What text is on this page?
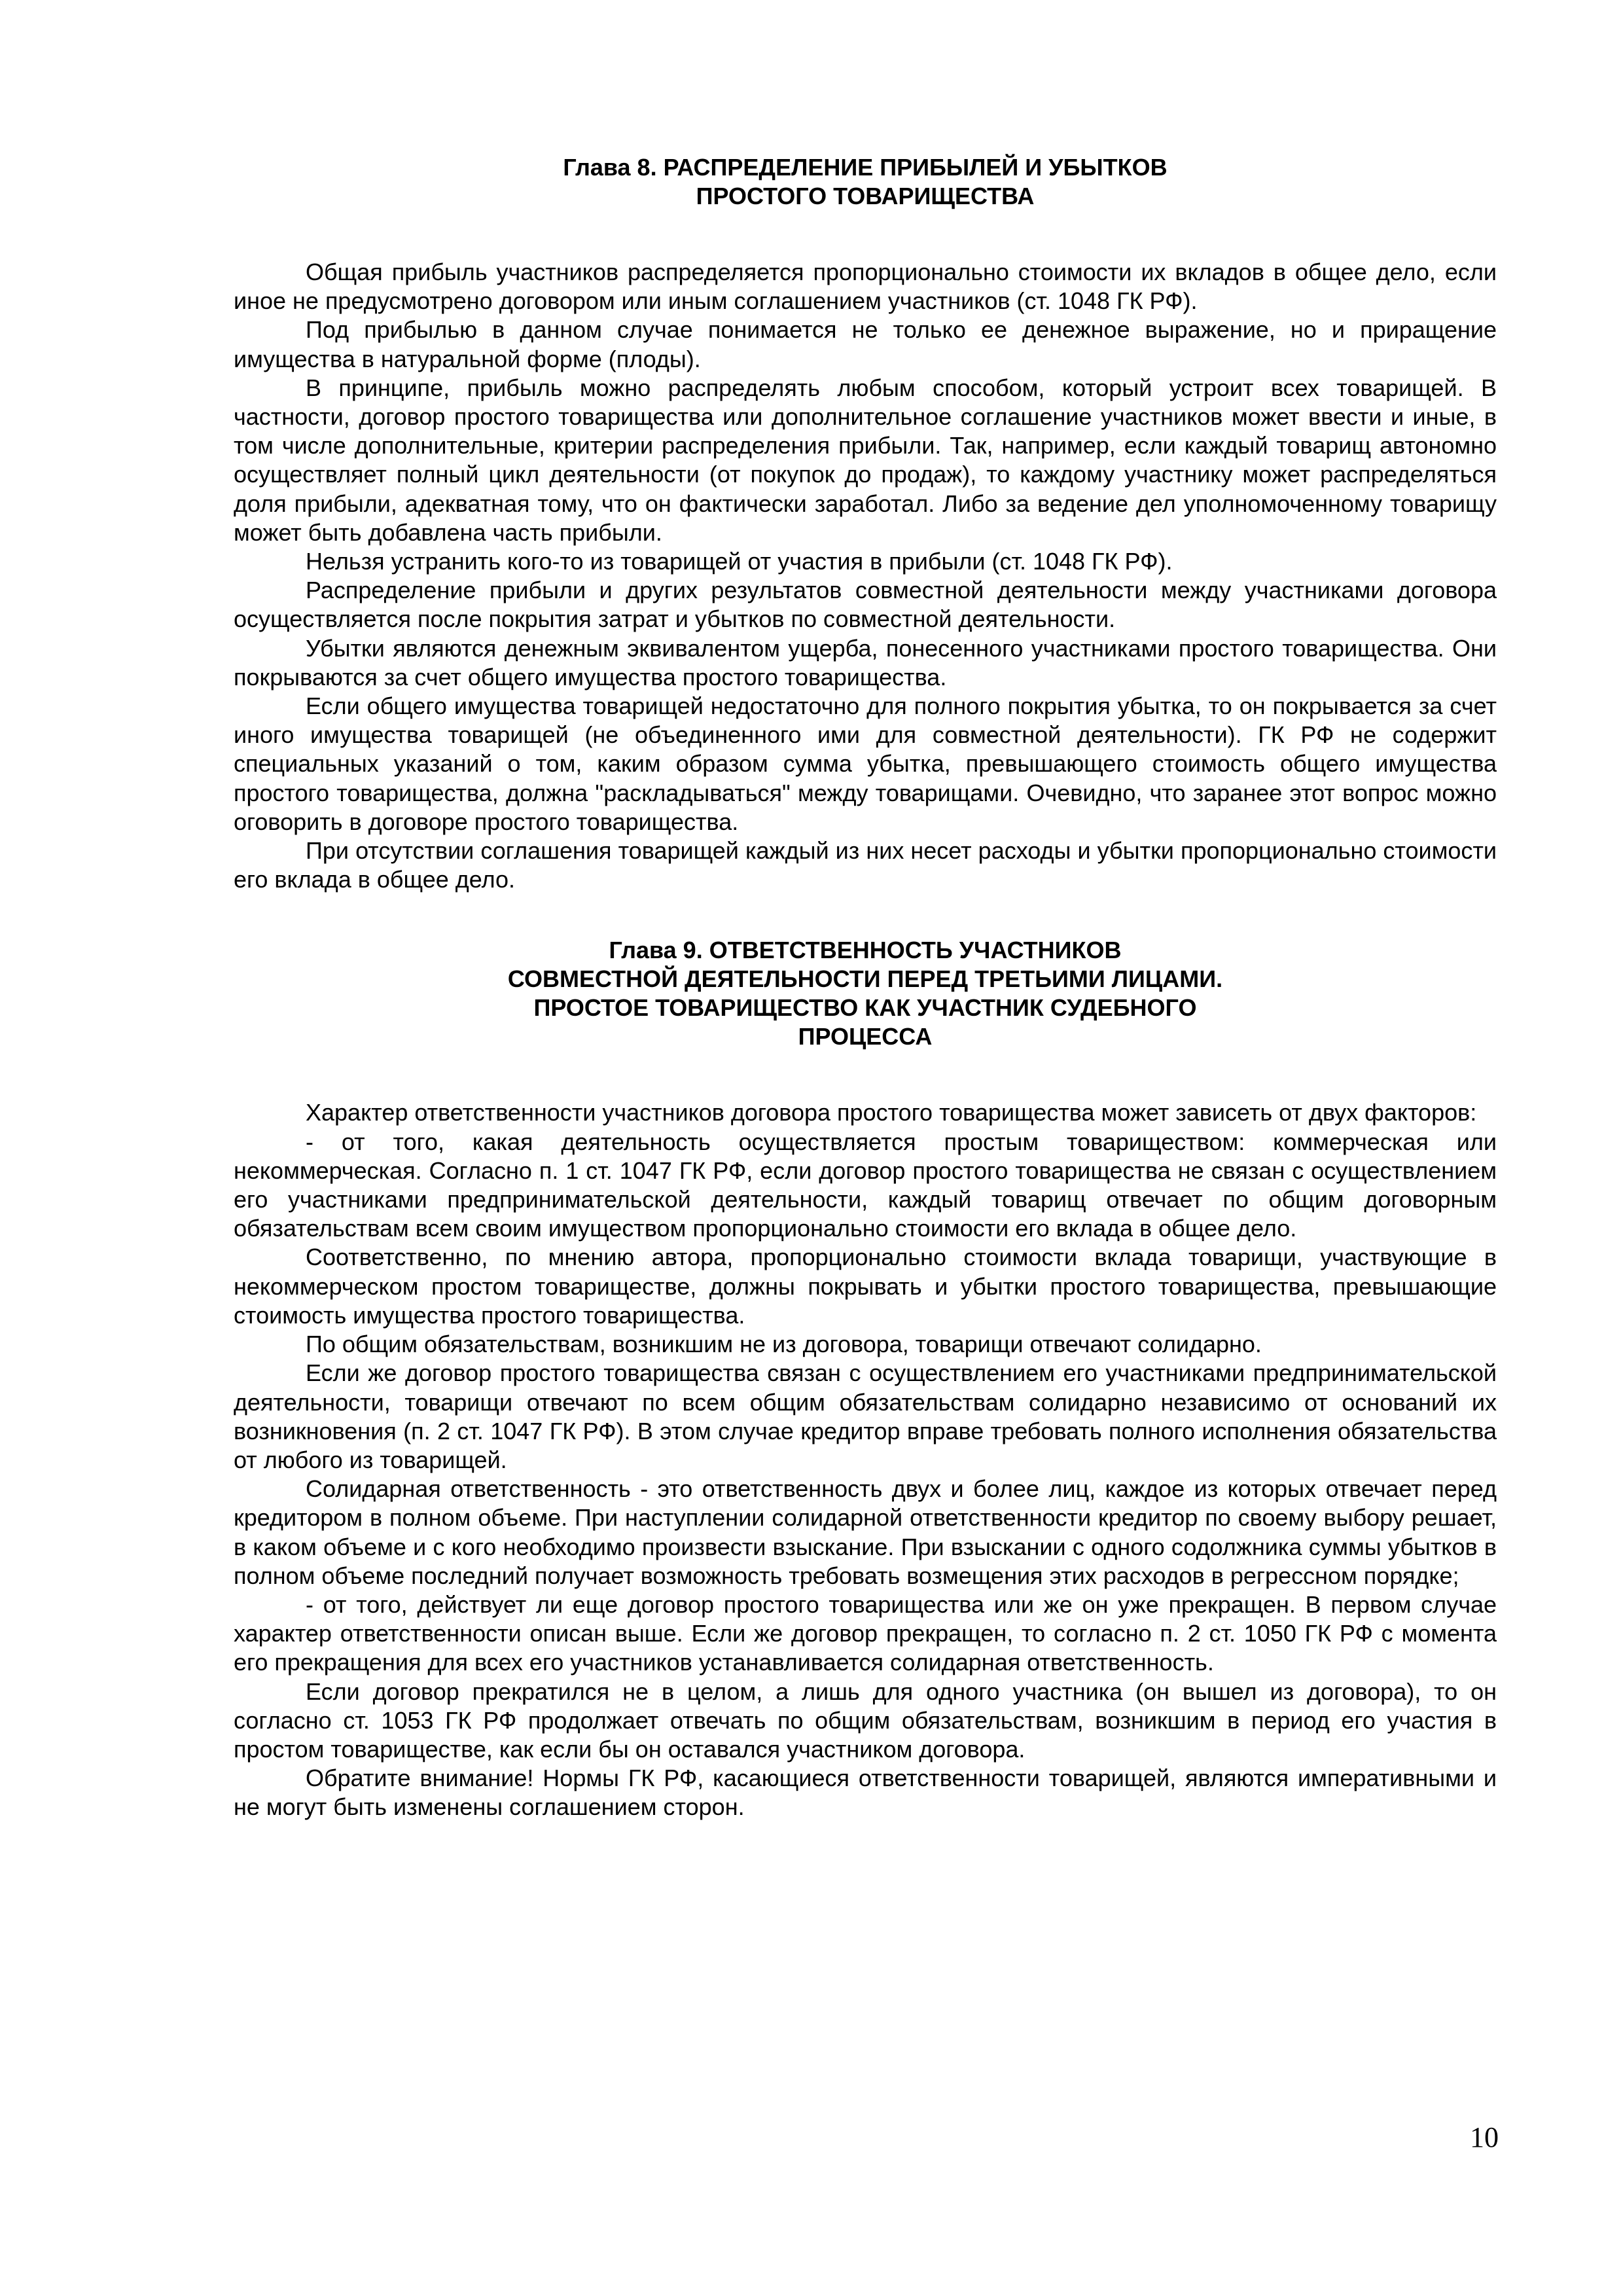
Глава 8. РАСПРЕДЕЛЕНИЕ ПРИБЫЛЕЙ И УБЫТКОВ
ПРОСТОГО ТОВАРИЩЕСТВА

Общая прибыль участников распределяется пропорционально стоимости их вкладов в общее дело, если иное не предусмотрено договором или иным соглашением участников (ст. 1048 ГК РФ).

Под прибылью в данном случае понимается не только ее денежное выражение, но и приращение имущества в натуральной форме (плоды).

В принципе, прибыль можно распределять любым способом, который устроит всех товарищей. В частности, договор простого товарищества или дополнительное соглашение участников может ввести и иные, в том числе дополнительные, критерии распределения прибыли. Так, например, если каждый товарищ автономно осуществляет полный цикл деятельности (от покупок до продаж), то каждому участнику может распределяться доля прибыли, адекватная тому, что он фактически заработал. Либо за ведение дел уполномоченному товарищу может быть добавлена часть прибыли.

Нельзя устранить кого-то из товарищей от участия в прибыли (ст. 1048 ГК РФ).

Распределение прибыли и других результатов совместной деятельности между участниками договора осуществляется после покрытия затрат и убытков по совместной деятельности.

Убытки являются денежным эквивалентом ущерба, понесенного участниками простого товарищества. Они покрываются за счет общего имущества простого товарищества.

Если общего имущества товарищей недостаточно для полного покрытия убытка, то он покрывается за счет иного имущества товарищей (не объединенного ими для совместной деятельности). ГК РФ не содержит специальных указаний о том, каким образом сумма убытка, превышающего стоимость общего имущества простого товарищества, должна "раскладываться" между товарищами. Очевидно, что заранее этот вопрос можно оговорить в договоре простого товарищества.

При отсутствии соглашения товарищей каждый из них несет расходы и убытки пропорционально стоимости его вклада в общее дело.

Глава 9. ОТВЕТСТВЕННОСТЬ УЧАСТНИКОВ
СОВМЕСТНОЙ ДЕЯТЕЛЬНОСТИ ПЕРЕД ТРЕТЬИМИ ЛИЦАМИ.
ПРОСТОЕ ТОВАРИЩЕСТВО КАК УЧАСТНИК СУДЕБНОГО
ПРОЦЕССА

Характер ответственности участников договора простого товарищества может зависеть от двух факторов:

- от того, какая деятельность осуществляется простым товариществом: коммерческая или некоммерческая. Согласно п. 1 ст. 1047 ГК РФ, если договор простого товарищества не связан с осуществлением его участниками предпринимательской деятельности, каждый товарищ отвечает по общим договорным обязательствам всем своим имуществом пропорционально стоимости его вклада в общее дело.

Соответственно, по мнению автора, пропорционально стоимости вклада товарищи, участвующие в некоммерческом простом товариществе, должны покрывать и убытки простого товарищества, превышающие стоимость имущества простого товарищества.

По общим обязательствам, возникшим не из договора, товарищи отвечают солидарно.

Если же договор простого товарищества связан с осуществлением его участниками предпринимательской деятельности, товарищи отвечают по всем общим обязательствам солидарно независимо от оснований их возникновения (п. 2 ст. 1047 ГК РФ). В этом случае кредитор вправе требовать полного исполнения обязательства от любого из товарищей.

Солидарная ответственность - это ответственность двух и более лиц, каждое из которых отвечает перед кредитором в полном объеме. При наступлении солидарной ответственности кредитор по своему выбору решает, в каком объеме и с кого необходимо произвести взыскание. При взыскании с одного содолжника суммы убытков в полном объеме последний получает возможность требовать возмещения этих расходов в регрессном порядке;

- от того, действует ли еще договор простого товарищества или же он уже прекращен. В первом случае характер ответственности описан выше. Если же договор прекращен, то согласно п. 2 ст. 1050 ГК РФ с момента его прекращения для всех его участников устанавливается солидарная ответственность.

Если договор прекратился не в целом, а лишь для одного участника (он вышел из договора), то он согласно ст. 1053 ГК РФ продолжает отвечать по общим обязательствам, возникшим в период его участия в простом товариществе, как если бы он оставался участником договора.

Обратите внимание! Нормы ГК РФ, касающиеся ответственности товарищей, являются императивными и не могут быть изменены соглашением сторон.

10
